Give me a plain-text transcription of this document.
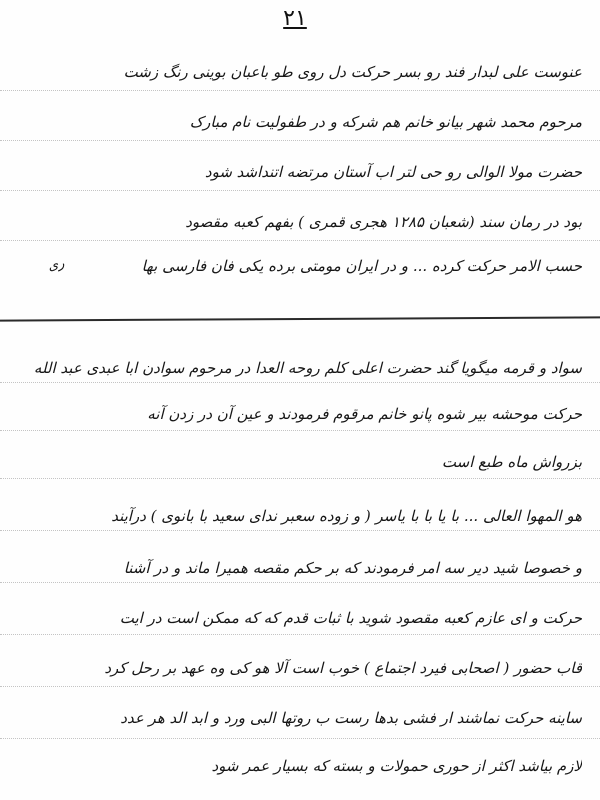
۲۱
عنوست علی لبدار فند رو بسر حرکت دل روی طو باعبان بوینی رنگ زشت
مرحوم محمد شهر بیانو خانم هم شرکه و در طفولیت نام مبارک
حضرت مولا الوالی رو حی لتر اب آستان مرتضه اتنداشد شود
بود در رمان سند (شعبان ۱۲۸۵ هجری قمری ) بفهم کعبه مقصود
حسب الامر حرکت کرده ... و در ایران مومتی برده یکی فان فارسی بها
ری
سواد و قرمه میگویا گند حضرت اعلی کلم روحه العدا در مرحوم سوادن ابا عبدی عبد الله
حرکت موحشه بیر شوه پانو خانم مرقوم فرمودند و عین آن در زدن آنه
بزرواش ماه طبع است
هو المهوا العالی ... با یا با با یاسر ( و زوده سعبر ندای سعید با بانوی ) درآیند
و خصوصا شید دیر سه امر فرمودند که بر حکم مقصه همیرا ماند و در آشنا
حرکت و ای عازم کعبه مقصود شوید با ثبات قدم که که ممکن است در ایت
قاب حضور ( اصحابی فیرد اجتماع ) خوب است آلا هو کی وه عهد بر رحل کرد
ساینه حرکت نماشند ار فشی بدها رست ب روتها البی ورد و ابد الد هر عدد
لازم بیاشد اکثر از حوری حمولات و بسته که بسیار عمر شود
